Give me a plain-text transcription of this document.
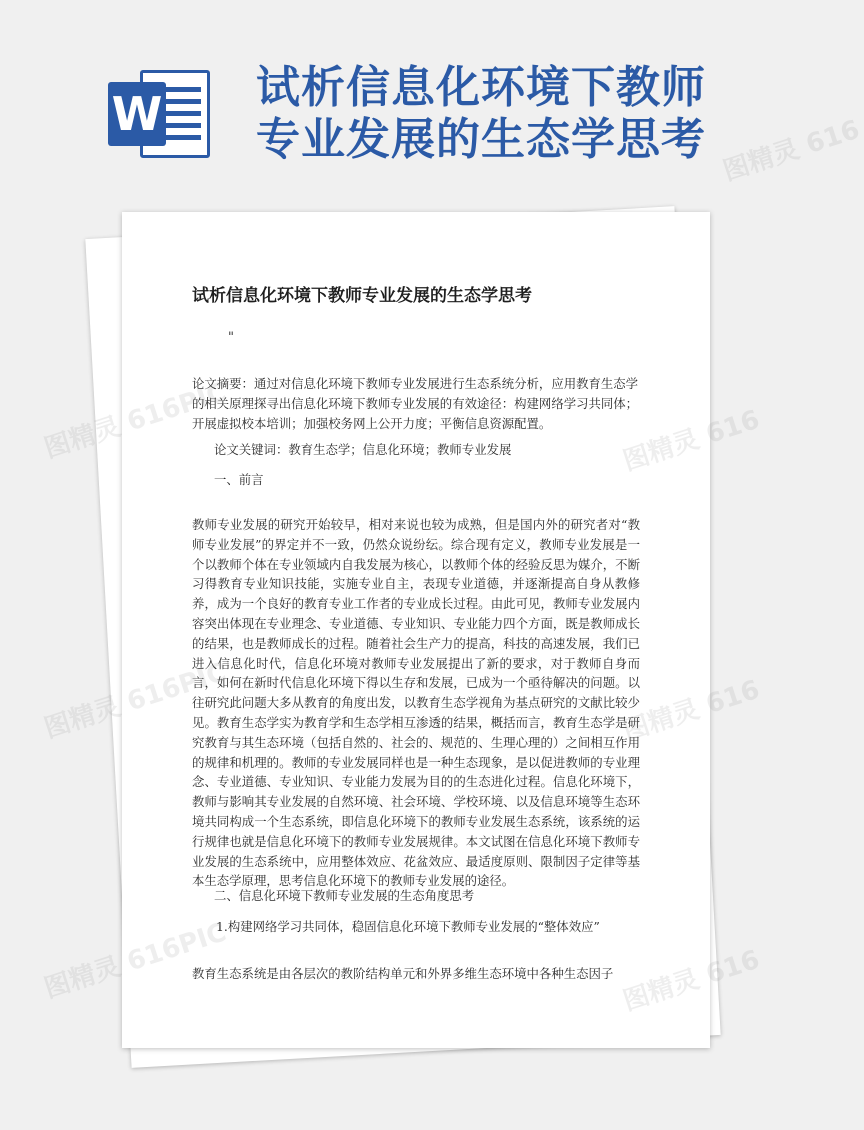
W 试析信息化环境下教师
专业发展的生态学思考
试析信息化环境下教师专业发展的生态学思考
"

论文摘要：通过对信息化环境下教师专业发展进行生态系统分析，应用教育生态学的相关原理探寻出信息化环境下教师专业发展的有效途径：构建网络学习共同体；开展虚拟校本培训；加强校务网上公开力度；平衡信息资源配置。

论文关键词：教育生态学；信息化环境；教师专业发展

一、前言

教师专业发展的研究开始较早，相对来说也较为成熟，但是国内外的研究者对“教师专业发展”的界定并不一致，仍然众说纷纭。综合现有定义，教师专业发展是一个以教师个体在专业领域内自我发展为核心，以教师个体的经验反思为媒介，不断习得教育专业知识技能，实施专业自主，表现专业道德，并逐渐提高自身从教修养，成为一个良好的教育专业工作者的专业成长过程。由此可见，教师专业发展内容突出体现在专业理念、专业道德、专业知识、专业能力四个方面，既是教师成长的结果，也是教师成长的过程。随着社会生产力的提高，科技的高速发展，我们已进入信息化时代，信息化环境对教师专业发展提出了新的要求，对于教师自身而言，如何在新时代信息化环境下得以生存和发展，已成为一个亟待解决的问题。以往研究此问题大多从教育的角度出发，以教育生态学视角为基点研究的文献比较少见。教育生态学实为教育学和生态学相互渗透的结果，概括而言，教育生态学是研究教育与其生态环境（包括自然的、社会的、规范的、生理心理的）之间相互作用的规律和机理的。教师的专业发展同样也是一种生态现象，是以促进教师的专业理念、专业道德、专业知识、专业能力发展为目的的生态进化过程。信息化环境下，教师与影响其专业发展的自然环境、社会环境、学校环境、以及信息环境等生态环境共同构成一个生态系统，即信息化环境下的教师专业发展生态系统，该系统的运行规律也就是信息化环境下的教师专业发展规律。本文试图在信息化环境下教师专业发展的生态系统中，应用整体效应、花盆效应、最适度原则、限制因子定律等基本生态学原理，思考信息化环境下的教师专业发展的途径。

二、信息化环境下教师专业发展的生态角度思考

1.构建网络学习共同体，稳固信息化环境下教师专业发展的“整体效应”

教育生态系统是由各层次的教阶结构单元和外界多维生态环境中各种生态因子

图精灵 616
图精灵	616
图精灵	616
图精灵	616
